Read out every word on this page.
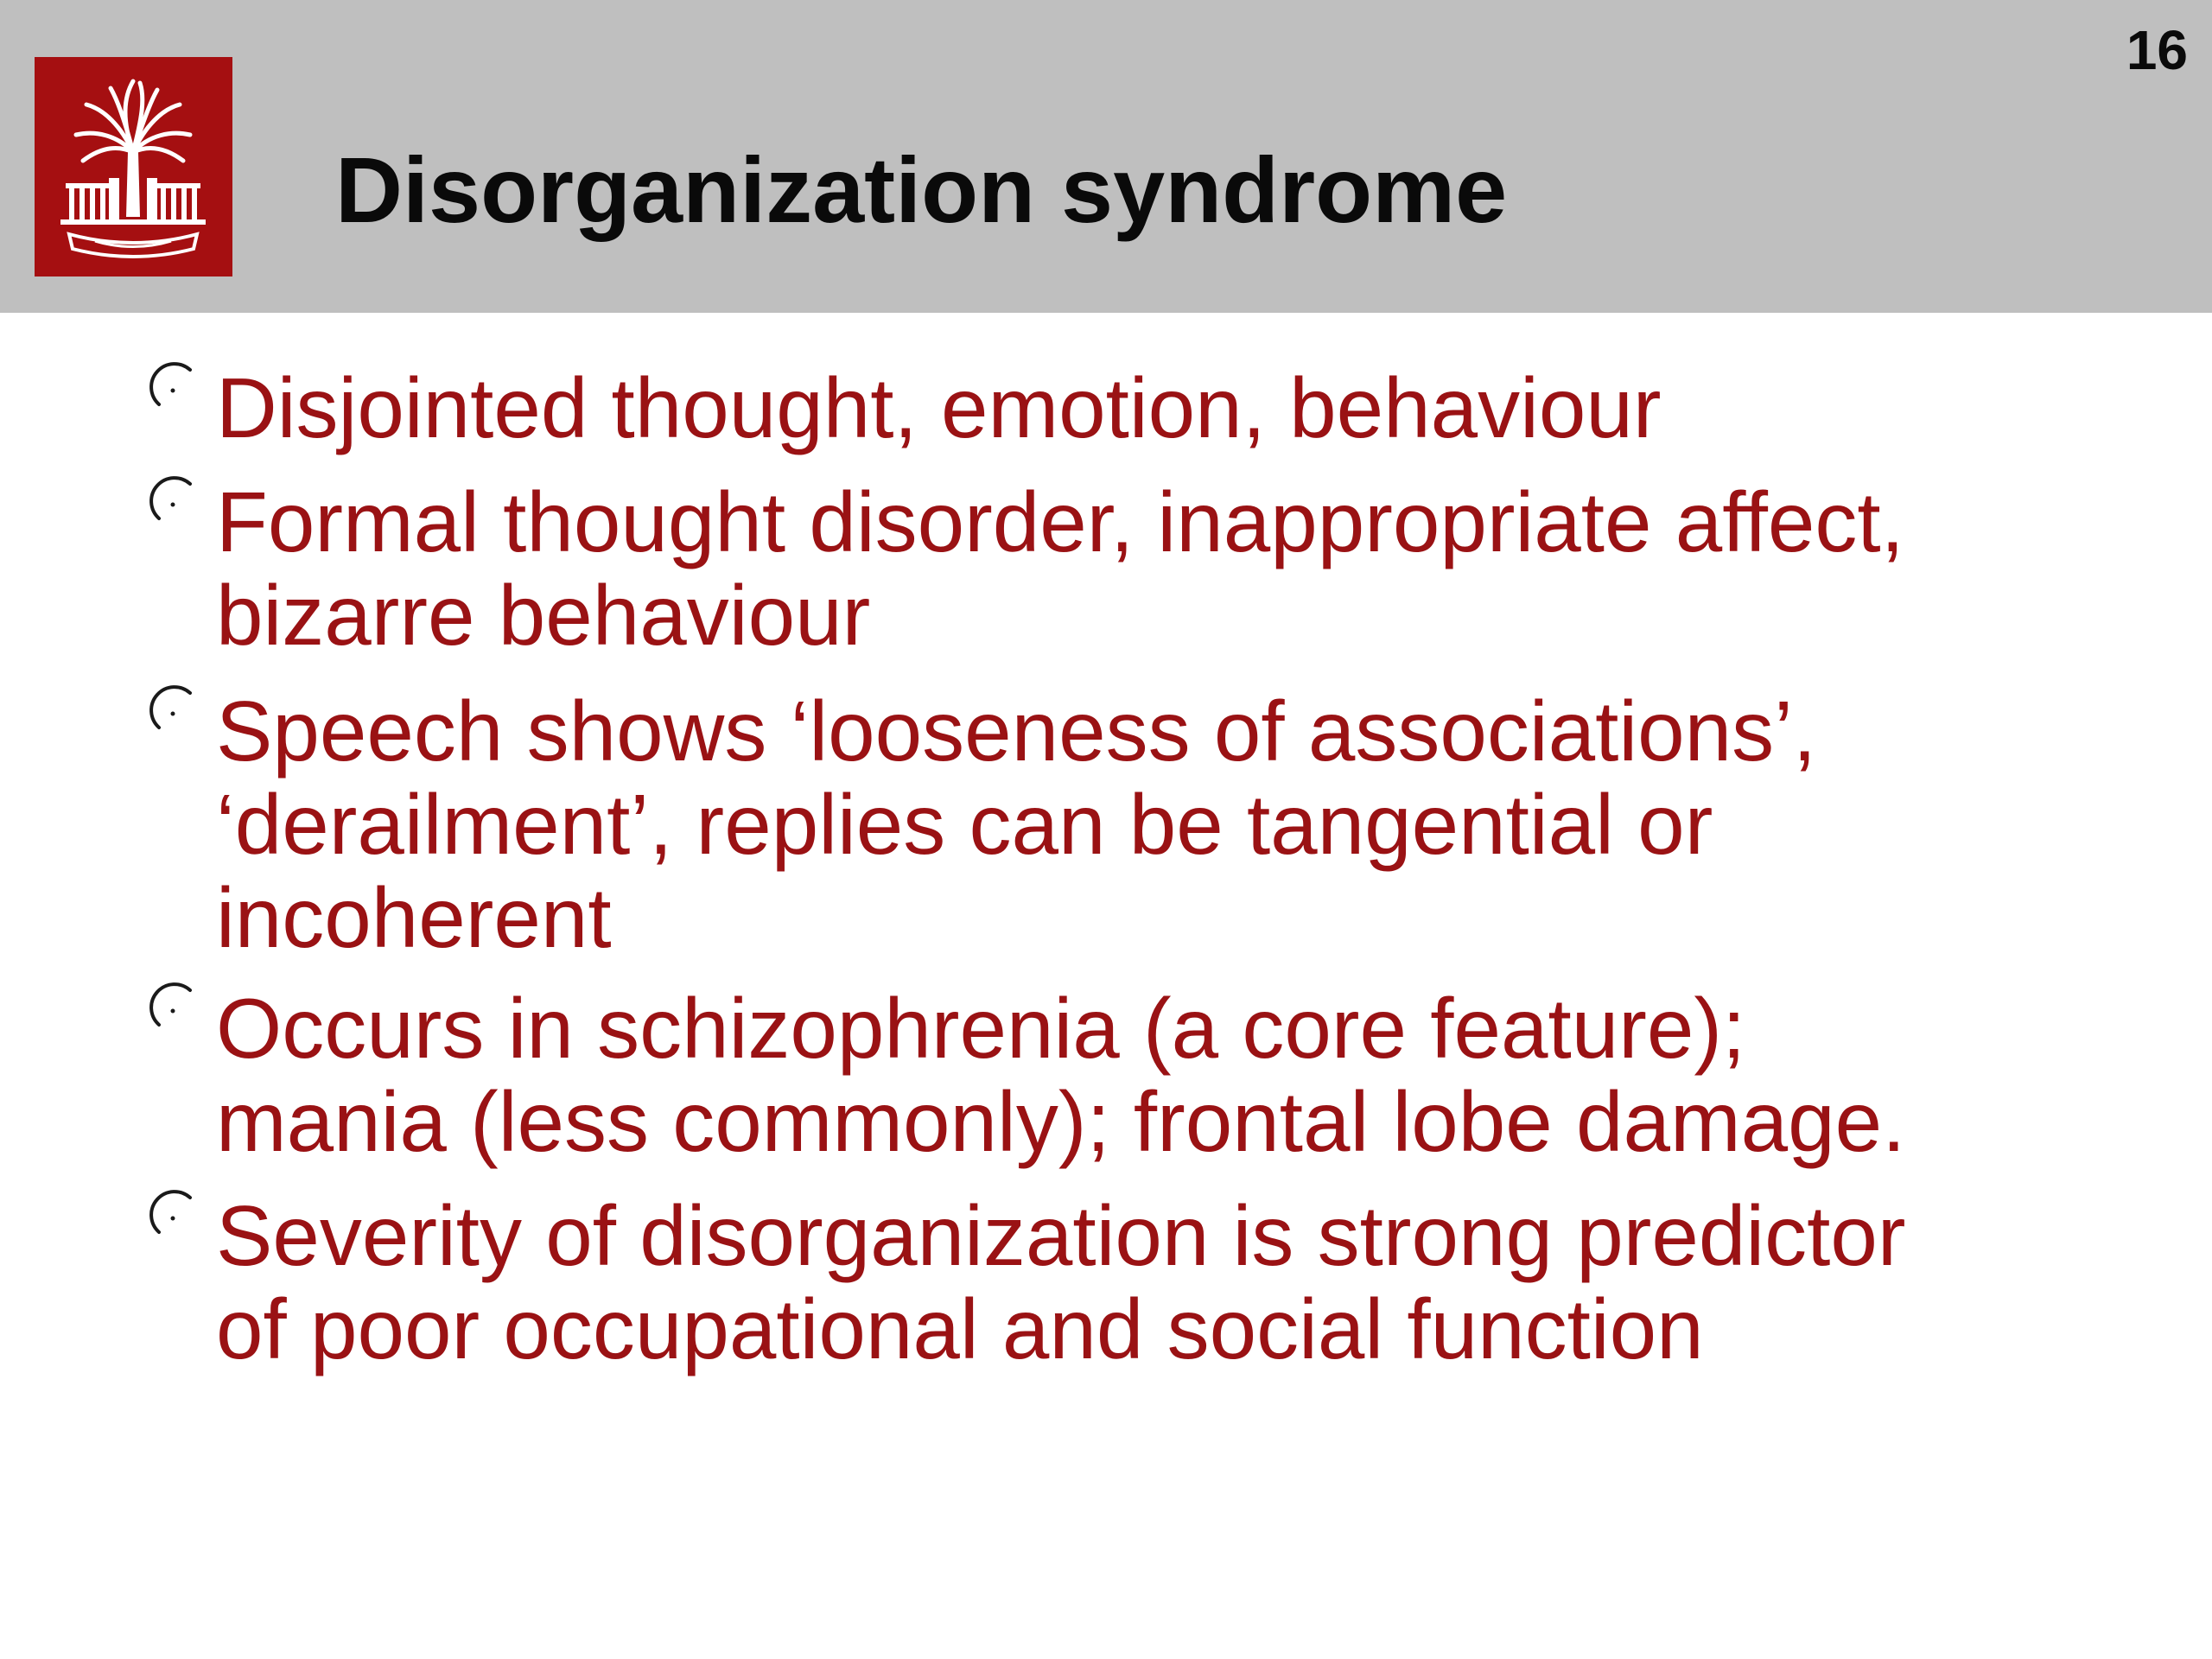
Disorganization syndrome
16
Disjointed thought, emotion, behaviour
Formal thought disorder, inappropriate affect, bizarre behaviour
Speech shows ‘looseness of associations’, ‘derailment’, replies can be tangential or incoherent
Occurs in schizophrenia (a core feature); mania (less commonly); frontal lobe damage.
Severity of disorganization is strong predictor of poor occupational and social function
